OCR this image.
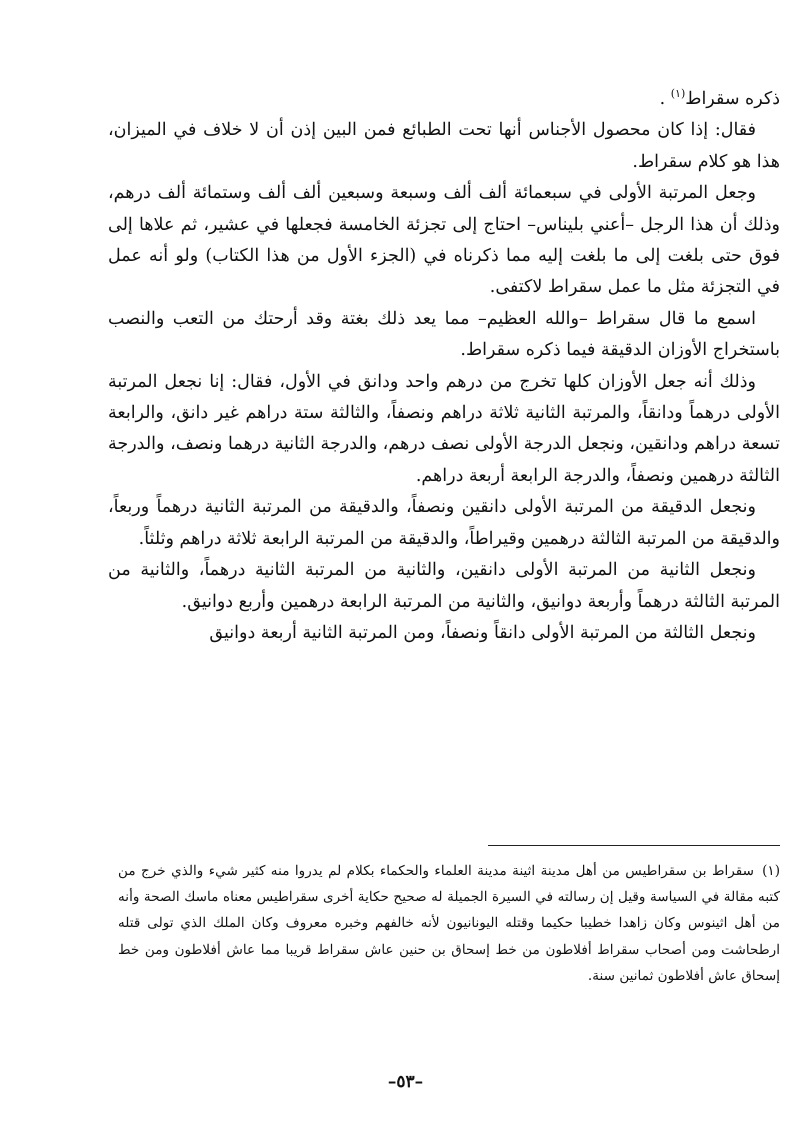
ذكره سقراط$^{(١)}$ .

فقال: إذا كان محصول الأجناس أنها تحت الطبائع فمن البين إذن أن لا خلاف في الميزان، هذا هو كلام سقراط.

وجعل المرتبة الأولى في سبعمائة ألف ألف وسبعة وسبعين ألف ألف وستمائة ألف درهم، وذلك أن هذا الرجل –أعني بليناس– احتاج إلى تجزئة الخامسة فجعلها في عشير، ثم علاها إلى فوق حتى بلغت إلى ما بلغت إليه مما ذكرناه في (الجزء الأول من هذا الكتاب) ولو أنه عمل في التجزئة مثل ما عمل سقراط لاكتفى.

اسمع ما قال سقراط –والله العظيم– مما يعد ذلك بغتة وقد أرحتك من التعب والنصب باستخراج الأوزان الدقيقة فيما ذكره سقراط.

وذلك أنه جعل الأوزان كلها تخرج من درهم واحد ودانق في الأول، فقال: إنا نجعل المرتبة الأولى درهماً ودانقاً، والمرتبة الثانية ثلاثة دراهم ونصفاً، والثالثة ستة دراهم غير دانق، والرابعة تسعة دراهم ودانقين، ونجعل الدرجة الأولى نصف درهم، والدرجة الثانية درهما ونصف، والدرجة الثالثة درهمين ونصفاً، والدرجة الرابعة أربعة دراهم.

ونجعل الدقيقة من المرتبة الأولى دانقين ونصفاً، والدقيقة من المرتبة الثانية درهماً وربعاً، والدقيقة من المرتبة الثالثة درهمين وقيراطاً، والدقيقة من المرتبة الرابعة ثلاثة دراهم وثلثاً.

ونجعل الثانية من المرتبة الأولى دانقين، والثانية من المرتبة الثانية درهماً، والثانية من المرتبة الثالثة درهماً وأربعة دوانيق، والثانية من المرتبة الرابعة درهمين وأربع دوانيق.

ونجعل الثالثة من المرتبة الأولى دانقاً ونصفاً، ومن المرتبة الثانية أربعة دوانيق

(١)سقراط بن سقراطيس من أهل مدينة اثينة مدينة العلماء والحكماء بكلام لم يدروا منه كثير شيء والذي خرج من كتبه مقالة في السياسة وقيل إن رسالته في السيرة الجميلة له صحيح حكاية أخرى سقراطيس معناه ماسك الصحة وأنه من أهل اثينوس وكان زاهدا خطيبا حكيما وقتله اليونانيون لأنه خالفهم وخبره معروف وكان الملك الذي تولى قتله ارطحاشت ومن أصحاب سقراط أفلاطون من خط إسحاق بن حنين عاش سقراط قريبا مما عاش أفلاطون ومن خط إسحاق عاش أفلاطون ثمانين سنة.
–٥٣–
